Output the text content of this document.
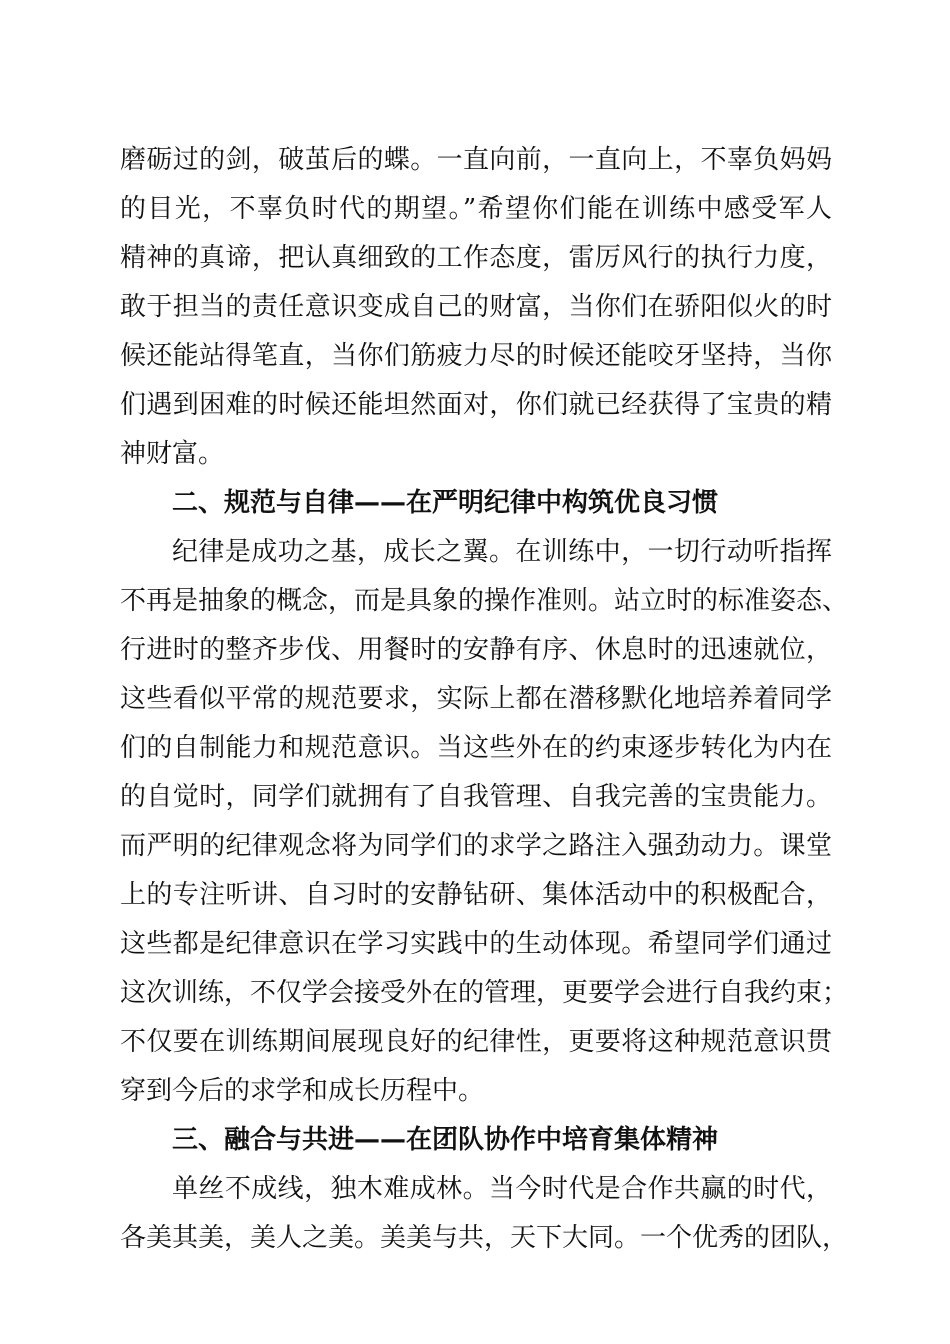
磨砺过的剑，破茧后的蝶。一直向前，一直向上，不辜负妈妈
的目光，不辜负时代的期望。”希望你们能在训练中感受军人
精神的真谛，把认真细致的工作态度，雷厉风行的执行力度，
敢于担当的责任意识变成自己的财富，当你们在骄阳似火的时
候还能站得笔直，当你们筋疲力尽的时候还能咬牙坚持，当你
们遇到困难的时候还能坦然面对，你们就已经获得了宝贵的精
神财富。
二、规范与自律——在严明纪律中构筑优良习惯
纪律是成功之基，成长之翼。在训练中，一切行动听指挥
不再是抽象的概念，而是具象的操作准则。站立时的标准姿态、
行进时的整齐步伐、用餐时的安静有序、休息时的迅速就位，
这些看似平常的规范要求，实际上都在潜移默化地培养着同学
们的自制能力和规范意识。当这些外在的约束逐步转化为内在
的自觉时，同学们就拥有了自我管理、自我完善的宝贵能力。
而严明的纪律观念将为同学们的求学之路注入强劲动力。课堂
上的专注听讲、自习时的安静钻研、集体活动中的积极配合，
这些都是纪律意识在学习实践中的生动体现。希望同学们通过
这次训练，不仅学会接受外在的管理，更要学会进行自我约束；
不仅要在训练期间展现良好的纪律性，更要将这种规范意识贯
穿到今后的求学和成长历程中。
三、融合与共进——在团队协作中培育集体精神
单丝不成线，独木难成林。当今时代是合作共赢的时代，
各美其美，美人之美。美美与共，天下大同。一个优秀的团队，
